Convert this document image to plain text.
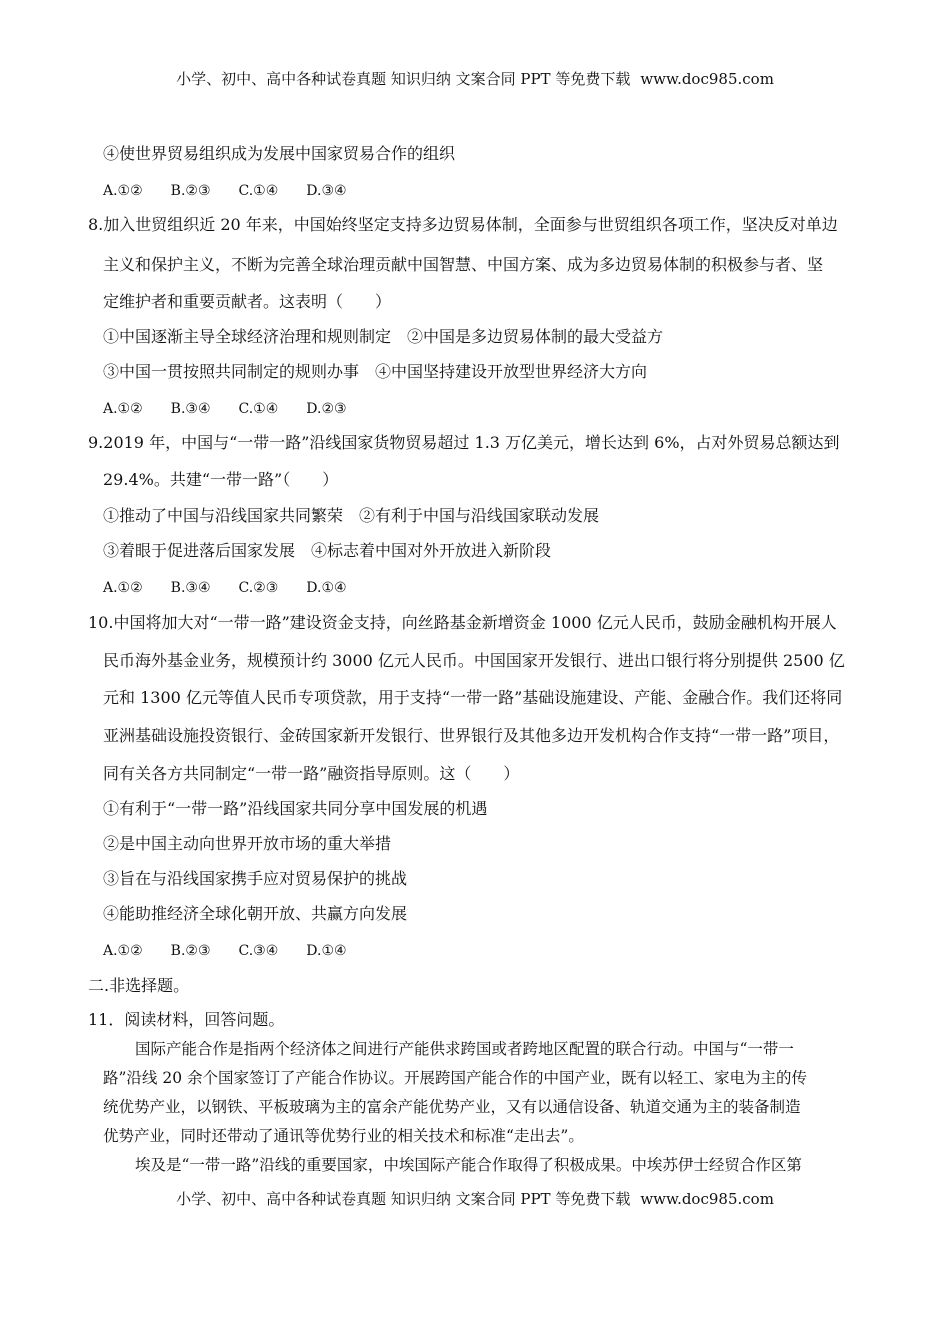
小学、初中、高中各种试卷真题 知识归纳 文案合同 PPT 等免费下载 www.doc985.com
④使世界贸易组织成为发展中国家贸易合作的组织
A.①② B.②③ C.①④ D.③④
8.加入世贸组织近 20 年来，中国始终坚定支持多边贸易体制，全面参与世贸组织各项工作，坚决反对单边
主义和保护主义，不断为完善全球治理贡献中国智慧、中国方案、成为多边贸易体制的积极参与者、坚
定维护者和重要贡献者。这表明（　　）
①中国逐渐主导全球经济治理和规则制定　②中国是多边贸易体制的最大受益方
③中国一贯按照共同制定的规则办事　④中国坚持建设开放型世界经济大方向
A.①② B.③④ C.①④ D.②③
9.2019 年，中国与“一带一路”沿线国家货物贸易超过 1.3 万亿美元，增长达到 6%，占对外贸易总额达到
29.4%。共建“一带一路”（　　）
①推动了中国与沿线国家共同繁荣　②有利于中国与沿线国家联动发展
③着眼于促进落后国家发展　④标志着中国对外开放进入新阶段
A.①② B.③④ C.②③ D.①④
10.中国将加大对“一带一路”建设资金支持，向丝路基金新增资金 1000 亿元人民币，鼓励金融机构开展人
民币海外基金业务，规模预计约 3000 亿元人民币。中国国家开发银行、进出口银行将分别提供 2500 亿
元和 1300 亿元等值人民币专项贷款，用于支持“一带一路”基础设施建设、产能、金融合作。我们还将同
亚洲基础设施投资银行、金砖国家新开发银行、世界银行及其他多边开发机构合作支持“一带一路”项目，
同有关各方共同制定“一带一路”融资指导原则。这（　　）
①有利于“一带一路”沿线国家共同分享中国发展的机遇
②是中国主动向世界开放市场的重大举措
③旨在与沿线国家携手应对贸易保护的挑战
④能助推经济全球化朝开放、共赢方向发展
A.①② B.②③ C.③④ D.①④
二.非选择题。
11．阅读材料，回答问题。
国际产能合作是指两个经济体之间进行产能供求跨国或者跨地区配置的联合行动。中国与“一带一
路”沿线 20 余个国家签订了产能合作协议。开展跨国产能合作的中国产业，既有以轻工、家电为主的传
统优势产业，以钢铁、平板玻璃为主的富余产能优势产业，又有以通信设备、轨道交通为主的装备制造
优势产业，同时还带动了通讯等优势行业的相关技术和标准“走出去”。
埃及是“一带一路”沿线的重要国家，中埃国际产能合作取得了积极成果。中埃苏伊士经贸合作区第
小学、初中、高中各种试卷真题 知识归纳 文案合同 PPT 等免费下载 www.doc985.com
